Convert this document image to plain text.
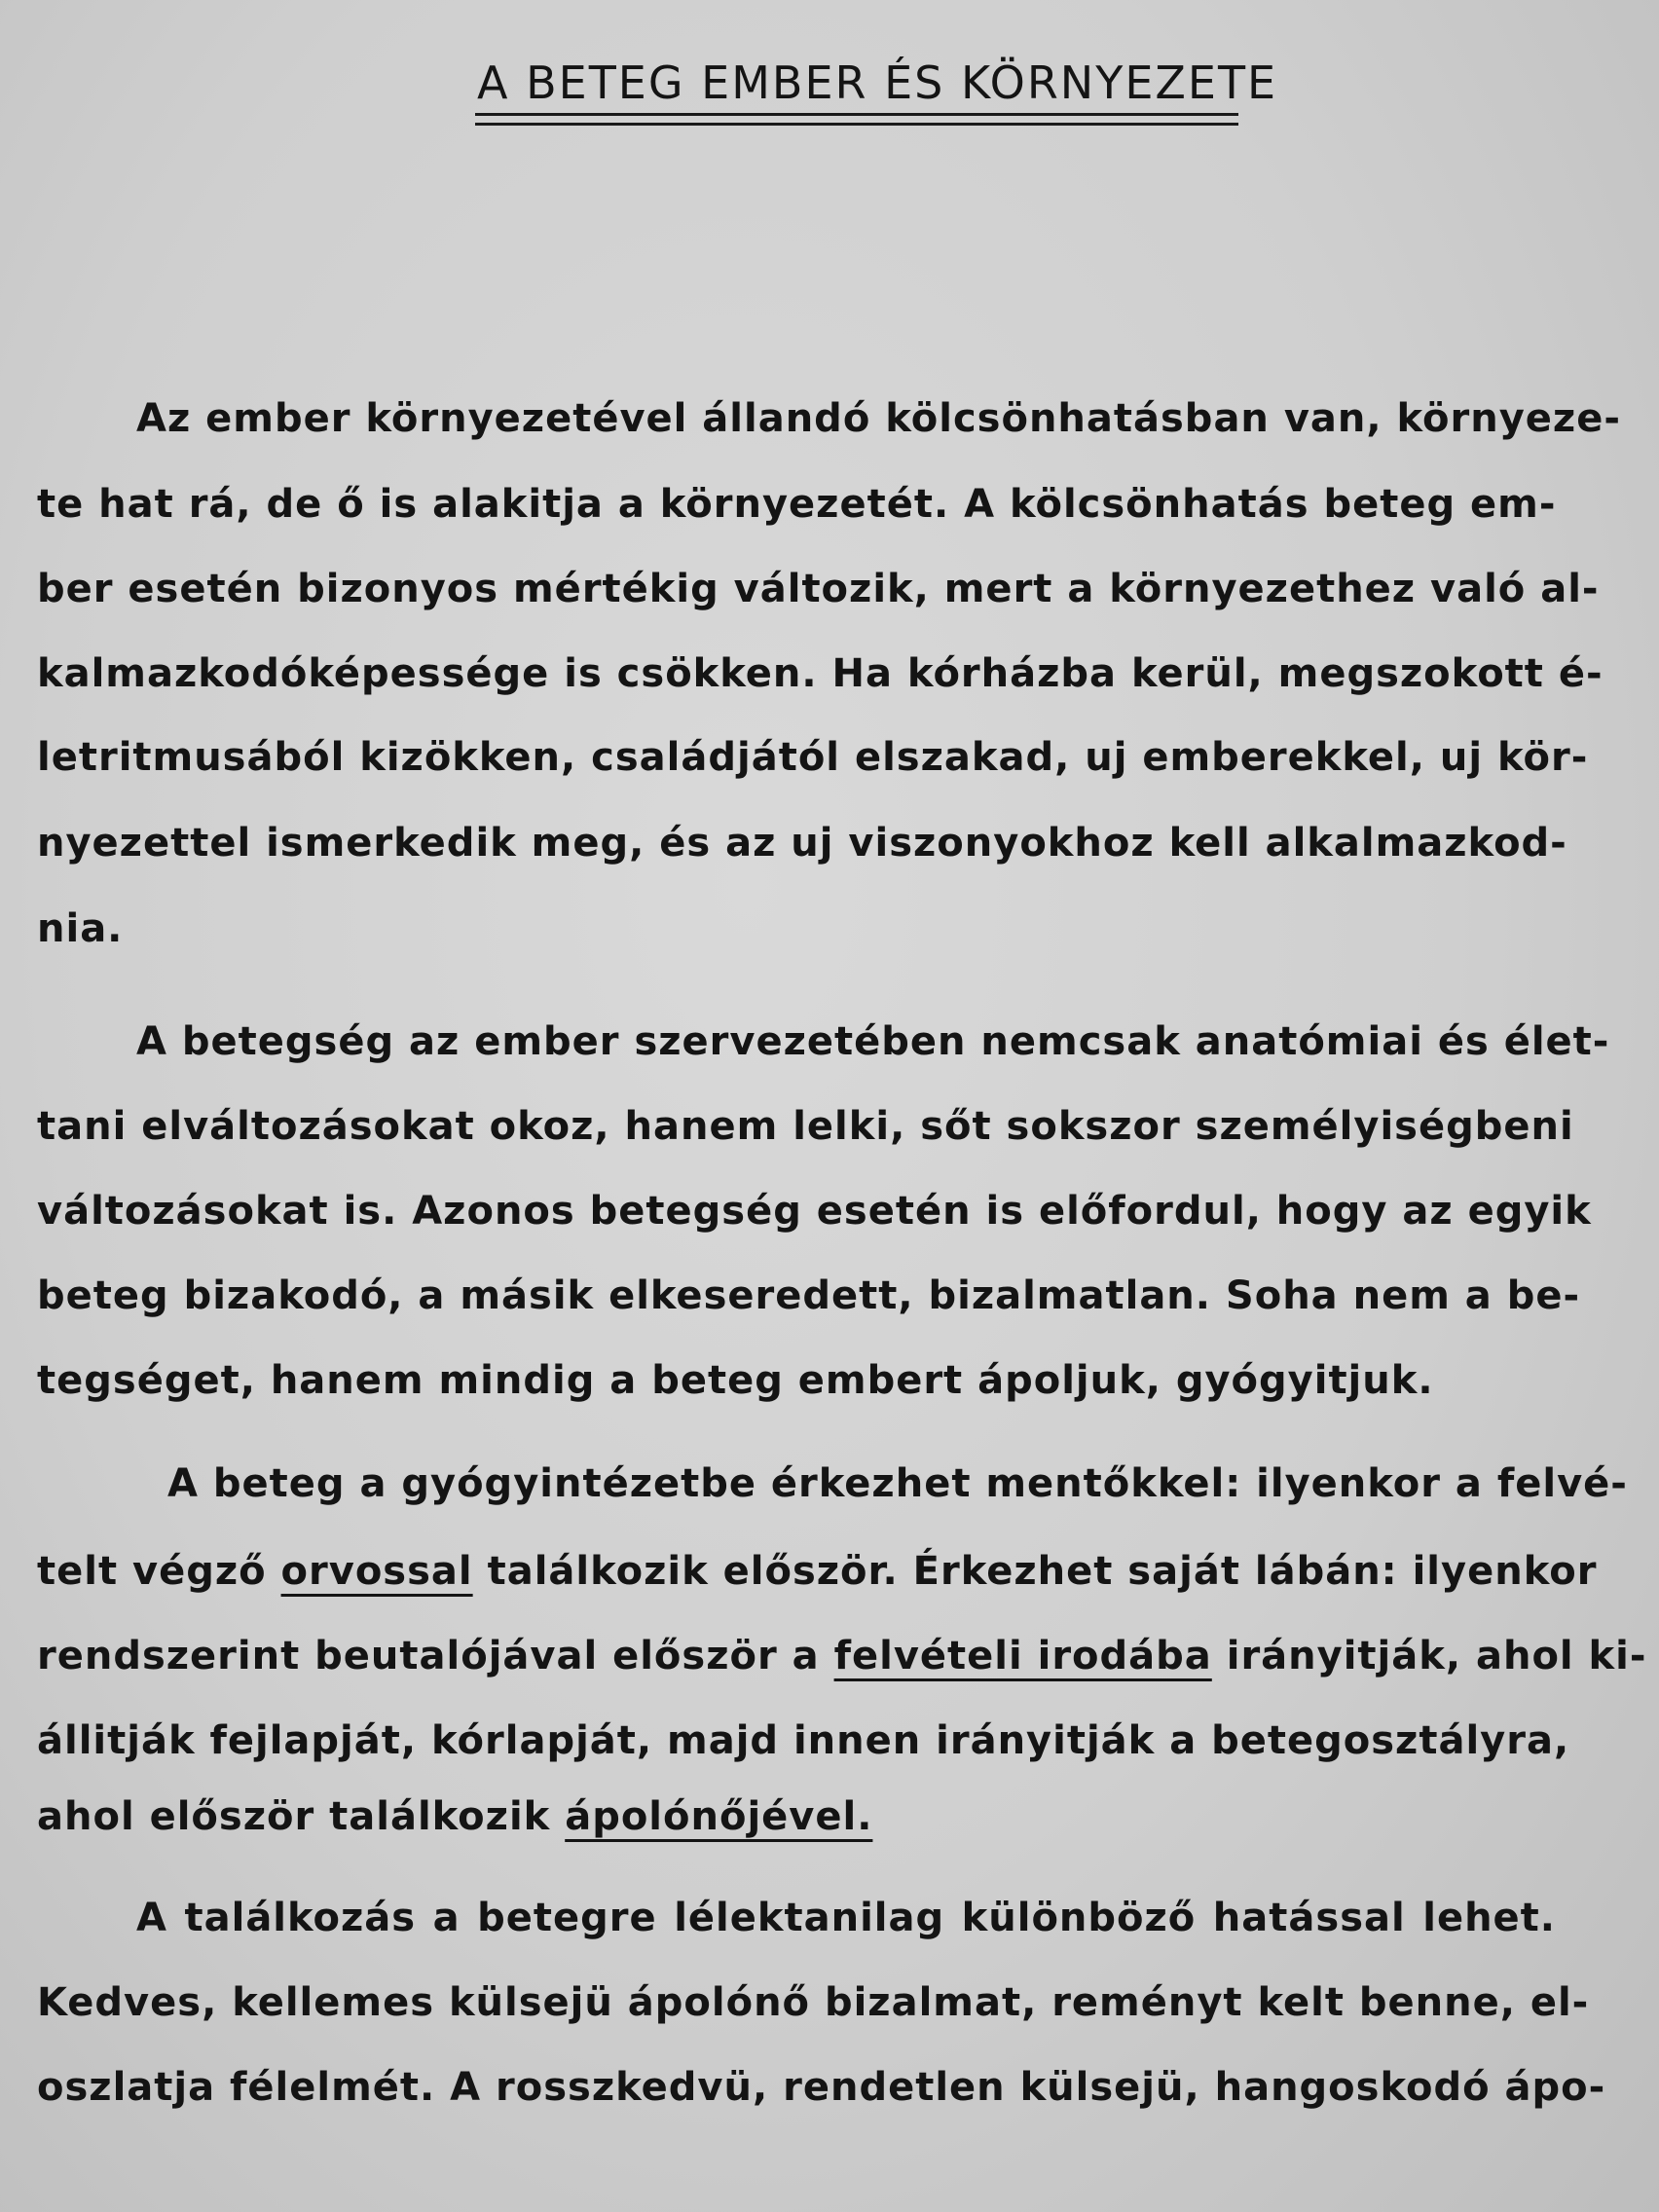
A BETEG EMBER ÉS KÖRNYEZETE
Az ember környezetével állandó kölcsönhatásban van, környeze-
te hat rá, de ő is alakitja a környezetét. A kölcsönhatás beteg em-
ber esetén bizonyos mértékig változik, mert a környezethez való al-
kalmazkodóképessége is csökken. Ha kórházba kerül, megszokott é-
letritmusából kizökken, családjától elszakad, uj emberekkel, uj kör-
nyezettel ismerkedik meg, és az uj viszonyokhoz kell alkalmazkod-
nia.
A betegség az ember szervezetében nemcsak anatómiai és élet-
tani elváltozásokat okoz, hanem lelki, sőt sokszor személyiségbeni
változásokat is. Azonos betegség esetén is előfordul, hogy az egyik
beteg bizakodó, a másik elkeseredett, bizalmatlan. Soha nem a be-
tegséget, hanem mindig a beteg embert ápoljuk, gyógyitjuk.
A beteg a gyógyintézetbe érkezhet mentőkkel: ilyenkor a felvé-
telt végző orvossal találkozik először. Érkezhet saját lábán: ilyenkor
rendszerint beutalójával először a felvételi irodába irányitják, ahol ki-
állitják fejlapját, kórlapját, majd innen irányitják a betegosztályra,
ahol először találkozik ápolónőjével.
A találkozás a betegre lélektanilag különböző hatással lehet.
Kedves, kellemes külsejü ápolónő bizalmat, reményt kelt benne, el-
oszlatja félelmét. A rosszkedvü, rendetlen külsejü, hangoskodó ápo-
